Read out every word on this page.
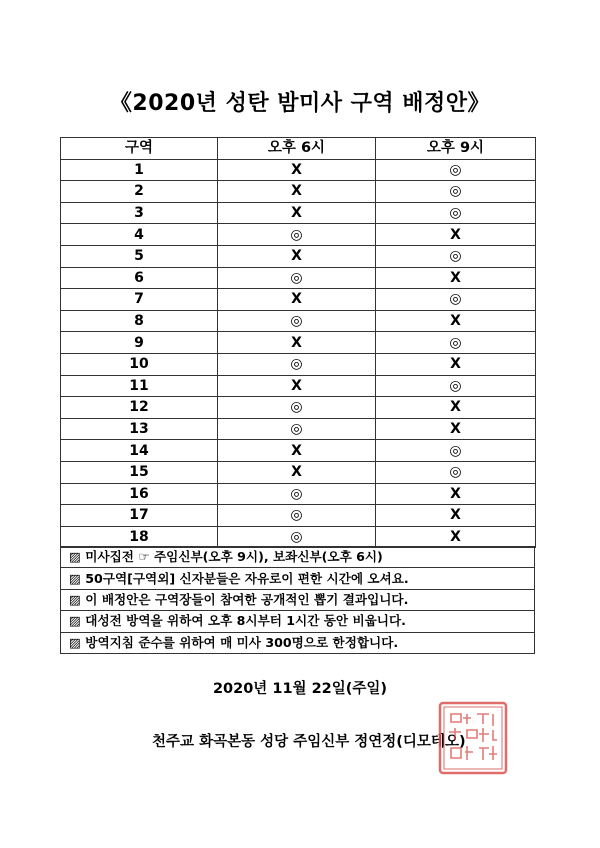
《2020년 성탄 밤미사 구역 배정안》
구역	오후 6시	오후 9시
1	X	◎
2	X	◎
3	X	◎
4	◎	X
5	X	◎
6	◎	X
7	X	◎
8	◎	X
9	X	◎
10	◎	X
11	X	◎
12	◎	X
13	◎	X
14	X	◎
15	X	◎
16	◎	X
17	◎	X
18	◎	X
▨ 미사집전 ☞ 주임신부(오후 9시), 보좌신부(오후 6시)
▨ 50구역[구역외] 신자분들은 자유로이 편한 시간에 오셔요.
▨ 이 배정안은 구역장들이 참여한 공개적인 뽑기 결과입니다.
▨ 대성전 방역을 위하여 오후 8시부터 1시간 동안 비웁니다.
▨ 방역지침 준수를 위하여 매 미사 300명으로 한정합니다.
2020년 11월 22일(주일)
천주교 화곡본동 성당 주임신부 정연정(디모테오)
